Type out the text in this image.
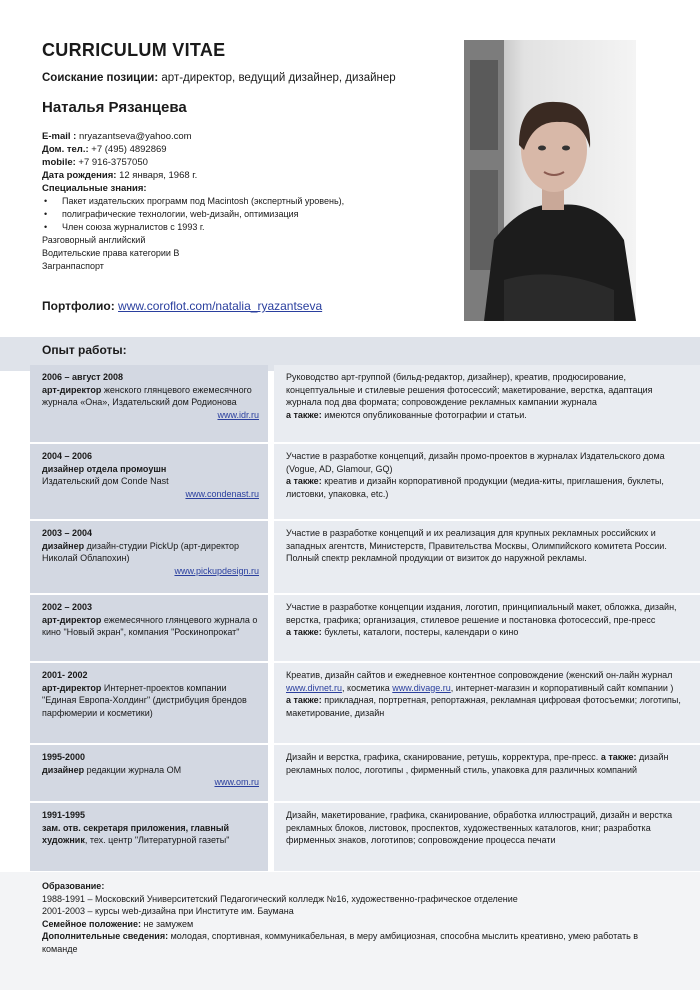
CURRICULUM VITAE
Соискание позиции: арт-директор, ведущий дизайнер, дизайнер
Наталья Рязанцева
E-mail : nryazantseva@yahoo.com
Дом. тел.: +7 (495) 4892869
mobile: +7 916-3757050
Дата рождения: 12 января, 1968 г.
Специальные знания:
• Пакет издательских программ под Macintosh (экспертный уровень),
• полиграфические технологии, web-дизайн, оптимизация
• Член союза журналистов с 1993 г.
Разговорный английский
Водительские права категории В
Загранпаспорт
Портфолио: www.coroflot.com/natalia_ryazantseva
Опыт работы:
2006 – август 2008
арт-директор женского глянцевого ежемесячного журнала «Она», Издательский дом Родионова
www.idr.ru
Руководство арт-группой (бильд-редактор, дизайнер), креатив, продюсирование, концептуальные и стилевые решения фотосессий; макетирование, верстка, адаптация журнала под два формата; сопровождение рекламных кампании журнала
а также: имеются опубликованные фотографии и статьи.
2004 – 2006
дизайнер отдела промоушн
Издательский дом Conde Nast
www.condenast.ru
Участие в разработке концепций, дизайн промо-проектов в журналах Издательского дома (Vogue, AD, Glamour, GQ)
а также: креатив и дизайн корпоративной продукции (медиа-киты, приглашения, буклеты, листовки, упаковка, etc.)
2003 – 2004
дизайнер дизайн-студии PickUp (арт-директор Николай Облапохин)
www.pickupdesign.ru
Участие в разработке концепций и их реализация для крупных рекламных российских и западных агентств, Министерств, Правительства Москвы, Олимпийского комитета России. Полный спектр рекламной продукции от визиток до наружной рекламы.
2002 – 2003
арт-директор ежемесячного глянцевого журнала о кино "Новый экран", компания "Роскинопрокат"
Участие в разработке концепции издания, логотип, принципиальный макет, обложка, дизайн, верстка, графика; организация, стилевое решение и постановка фотосессий, пре-пресс
а также: буклеты, каталоги, постеры, календари о кино
2001- 2002
арт-директор Интернет-проектов компании "Единая Европа-Холдинг" (дистрибуция брендов парфюмерии и косметики)
Креатив, дизайн сайтов и ежедневное контентное сопровождение (женский он-лайн журнал www.divnet.ru, косметика www.divage.ru, интернет-магазин и корпоративный сайт компании )
а также: прикладная, портретная, репортажная, рекламная цифровая фотосъемки; логотипы, макетирование, дизайн
1995-2000
дизайнер редакции журнала ОМ
www.om.ru
Дизайн и верстка, графика, сканирование, ретушь, корректура, пре-пресс. а также: дизайн рекламных полос, логотипы , фирменный стиль, упаковка для различных компаний
1991-1995
зам. отв. секретаря приложения, главный художник, тех. центр "Литературной газеты"
Дизайн, макетирование, графика, сканирование, обработка иллюстраций, дизайн и верстка рекламных блоков, листовок, проспектов, художественных каталогов, книг; разработка фирменных знаков, логотипов; сопровождение процесса печати
Образование:
1988-1991 – Московский Университетский Педагогический колледж №16, художественно-графическое отделение
2001-2003 – курсы web-дизайна при Институте им. Баумана
Семейное положение: не замужем
Дополнительные сведения: молодая, спортивная, коммуникабельная, в меру амбициозная, способна мыслить креативно, умею работать в команде
